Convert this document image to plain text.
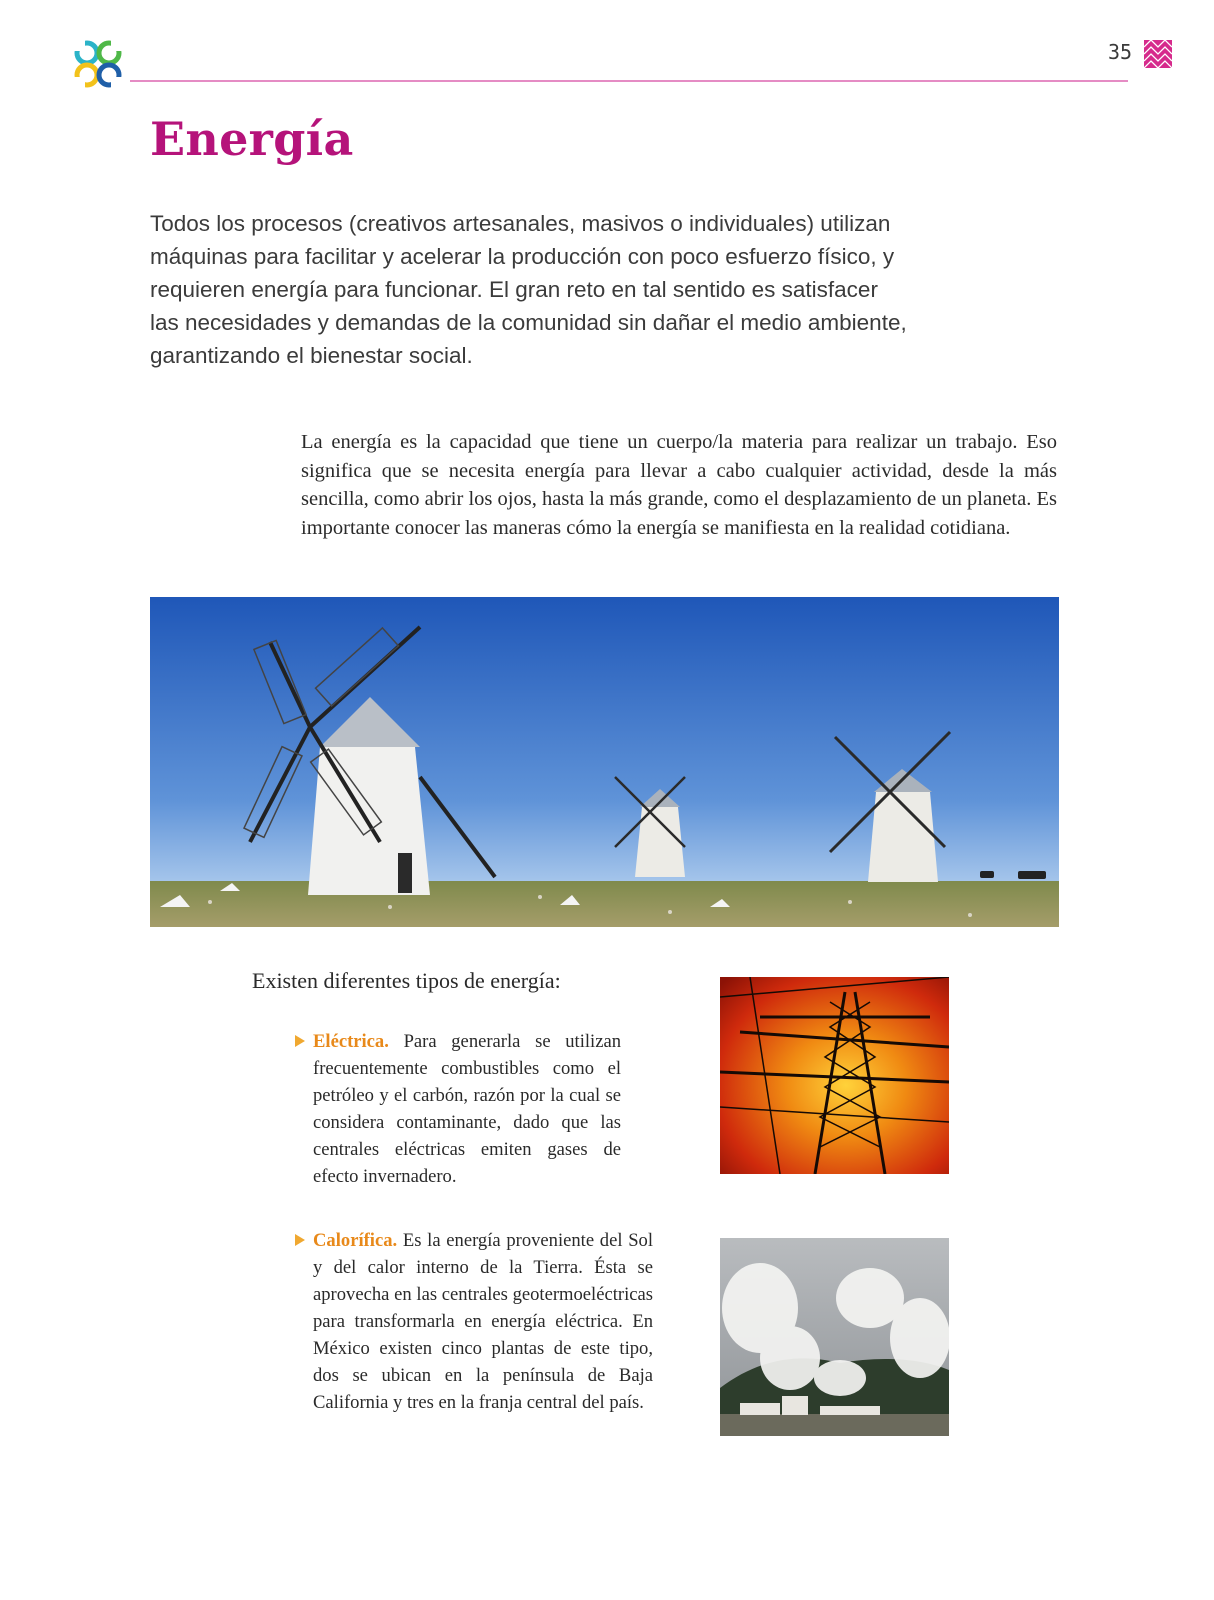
35
Energía

Todos los procesos (creativos artesanales, masivos o individuales) utilizan máquinas para facilitar y acelerar la producción con poco esfuerzo físico, y requieren energía para funcionar. El gran reto en tal sentido es satisfacer las necesidades y demandas de la comunidad sin dañar el medio ambiente, garantizando el bienestar social.

La energía es la capacidad que tiene un cuerpo/la materia para realizar un trabajo. Eso significa que se necesita energía para llevar a cabo cualquier actividad, desde la más sencilla, como abrir los ojos, hasta la más grande, como el desplazamiento de un planeta. Es importante conocer las maneras cómo la energía se manifiesta en la realidad cotidiana.

Existen diferentes tipos de energía:

Eléctrica. Para generarla se utilizan frecuentemente combustibles como el petróleo y el carbón, razón por la cual se considera contaminante, dado que las centrales eléctricas emiten gases de efecto invernadero.

Calorífica. Es la energía proveniente del Sol y del calor interno de la Tierra. Ésta se aprovecha en las centrales geotermoeléctricas para transformarla en energía eléctrica. En México existen cinco plantas de este tipo, dos se ubican en la península de Baja California y tres en la franja central del país.
